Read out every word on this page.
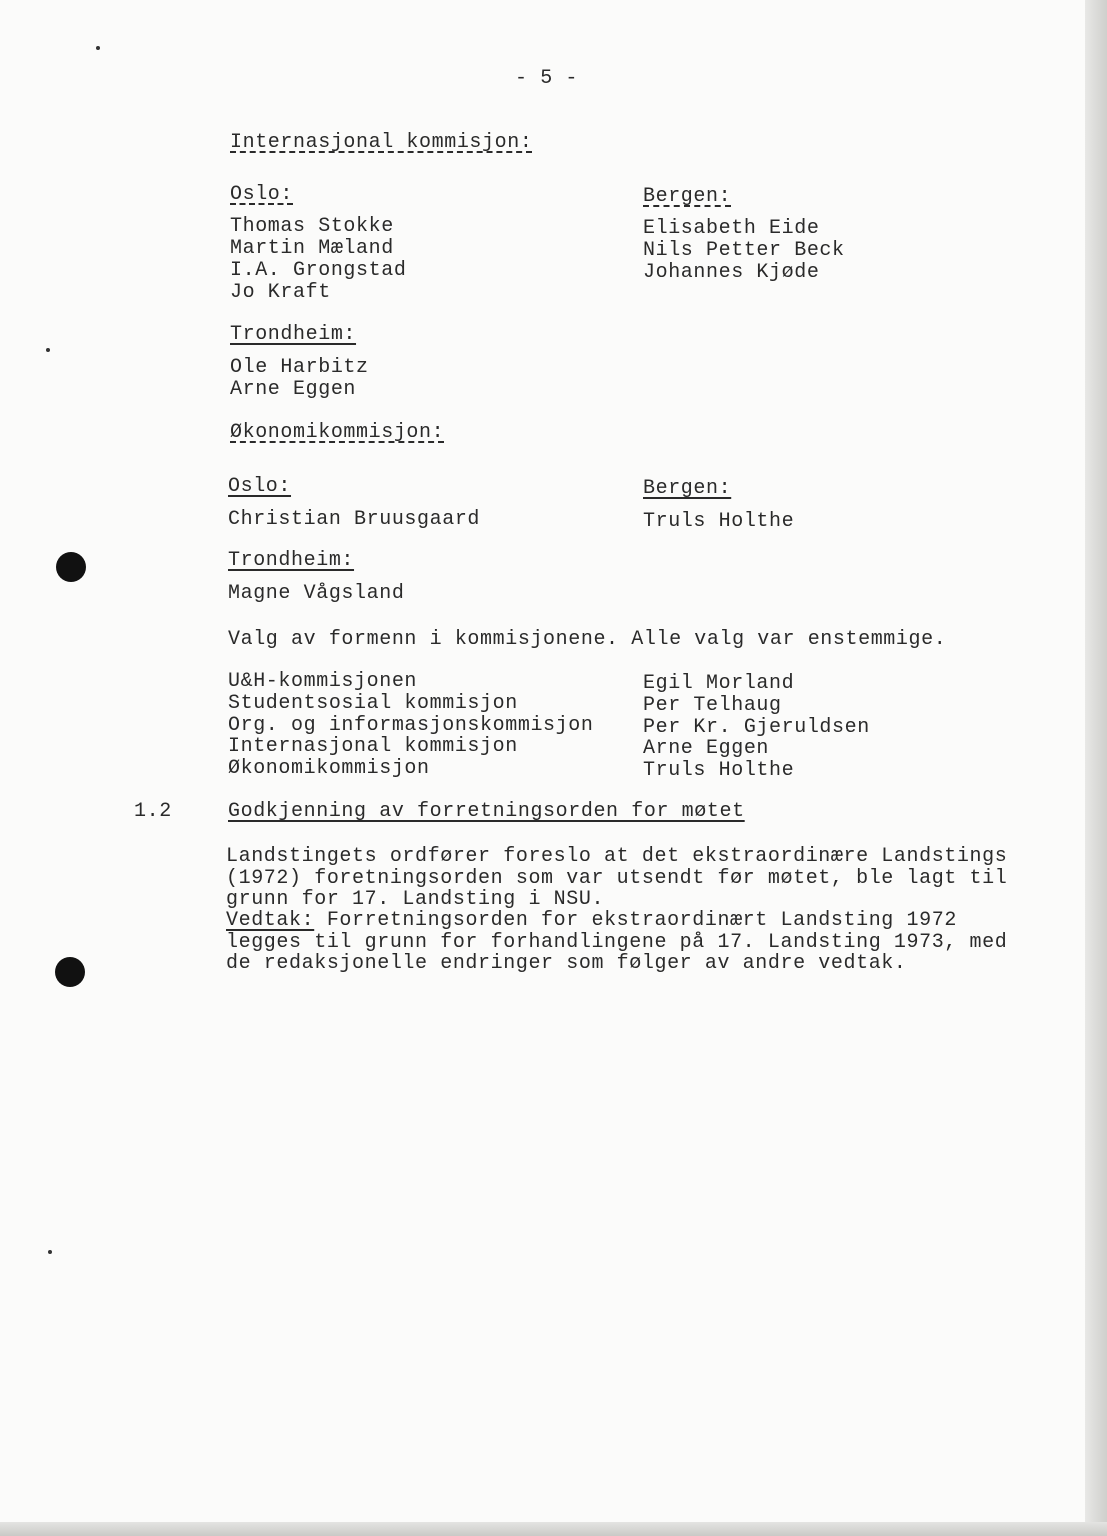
- 5 -
Internasjonal kommisjon:
Oslo:
Thomas Stokke
Martin Mæland
I.A. Grongstad
Jo Kraft
Bergen:
Elisabeth Eide
Nils Petter Beck
Johannes Kjøde
Trondheim:
Ole Harbitz
Arne Eggen
Økonomikommisjon:
Oslo:
Christian Bruusgaard
Bergen:
Truls Holthe
Trondheim:
Magne Vågsland
Valg av formenn i kommisjonene. Alle valg var enstemmige.
U&H-kommisjonen	Egil Morland
Studentsosial kommisjon	Per Telhaug
Org. og informasjonskommisjon Per Kr. Gjeruldsen
Internasjonal kommisjon	Arne Eggen
Økonomikommisjon	Truls Holthe
1.2	Godkjenning av forretningsorden for møtet
Landstingets ordfører foreslo at det ekstraordinære Landstings
(1972) foretningsorden som var utsendt før møtet, ble lagt til
grunn for 17. Landsting i NSU.
Vedtak: Forretningsorden for ekstraordinært Landsting 1972
legges til grunn for forhandlingene på 17. Landsting 1973, med
de redaksjonelle endringer som følger av andre vedtak.
